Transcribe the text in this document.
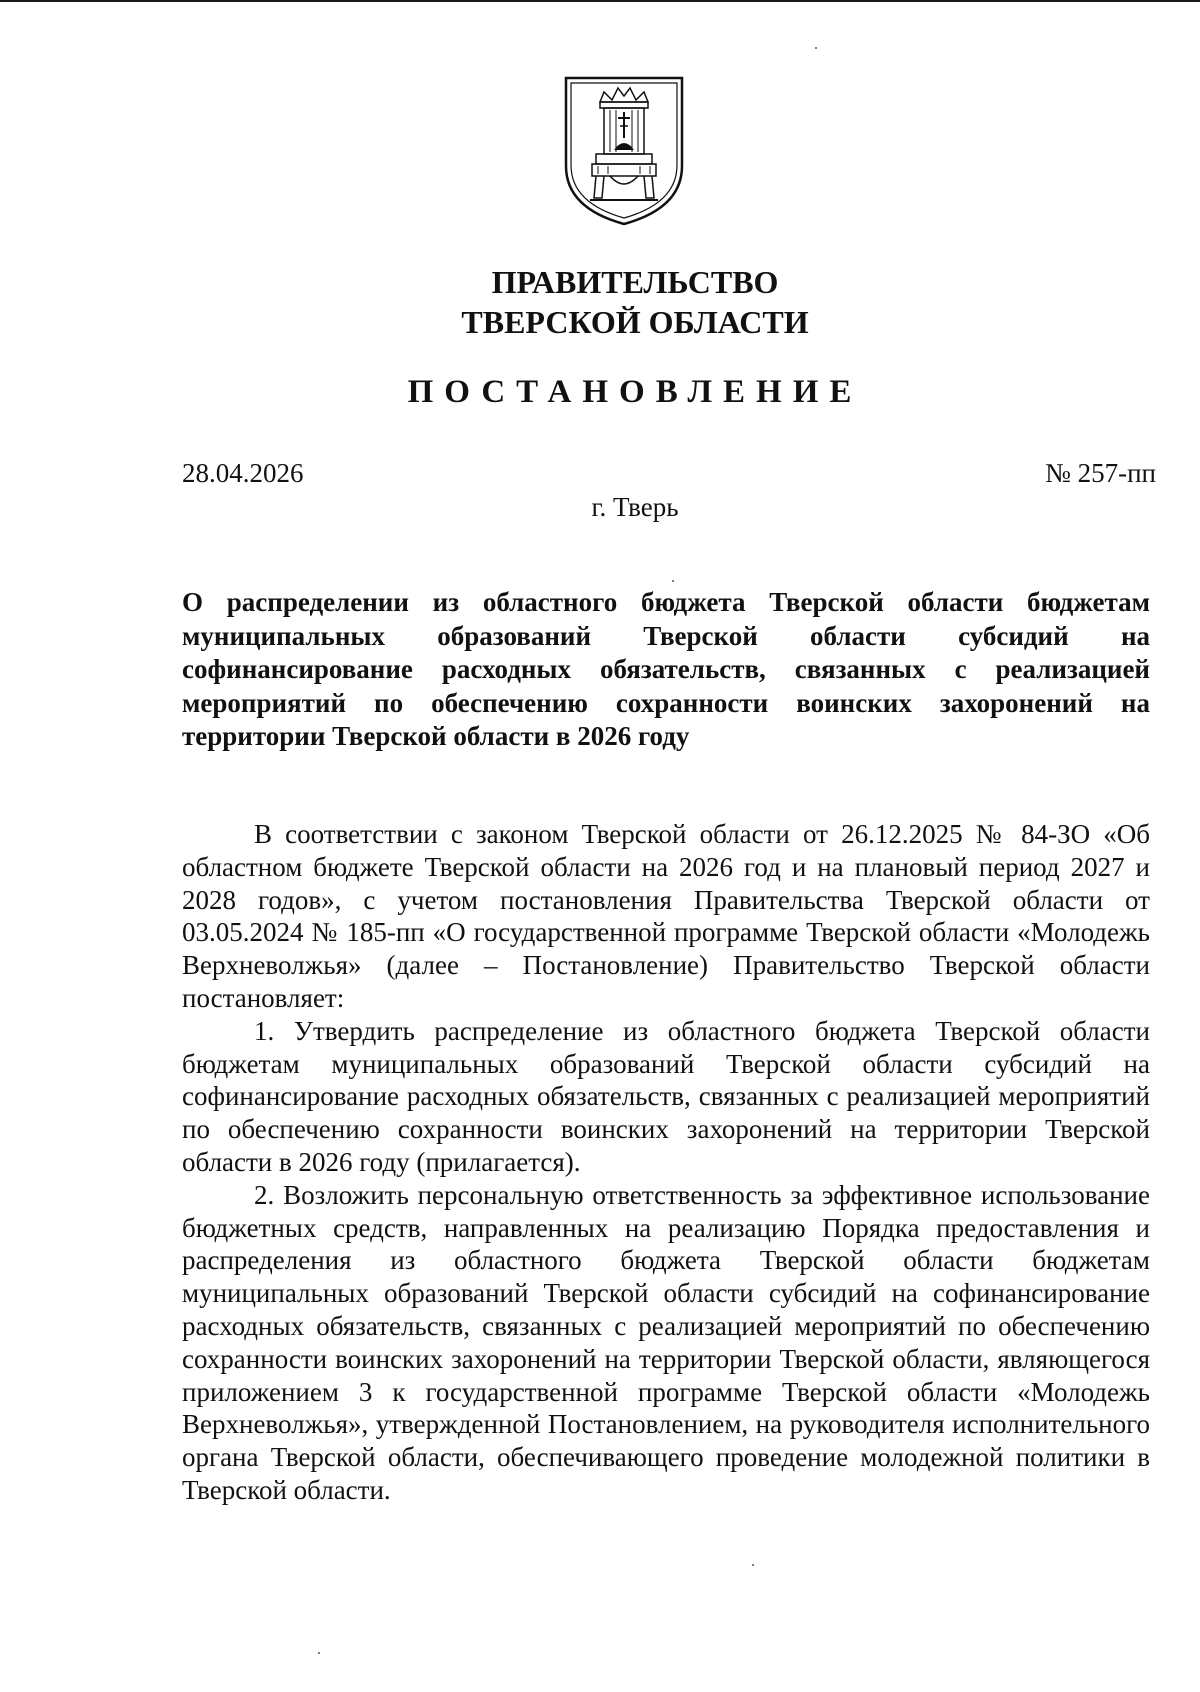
ПРАВИТЕЛЬСТВО
ТВЕРСКОЙ ОБЛАСТИ
ПОСТАНОВЛЕНИЕ
28.04.2026	№ 257-пп
г. Тверь
О распределении из областного бюджета Тверской области бюджетам муниципальных образований Тверской области субсидий на софинансирование расходных обязательств, связанных с реализацией мероприятий по обеспечению сохранности воинских захоронений на территории Тверской области в 2026 году

В соответствии с законом Тверской области от 26.12.2025 № 84-ЗО «Об областном бюджете Тверской области на 2026 год и на плановый период 2027 и 2028 годов», с учетом постановления Правительства Тверской области от 03.05.2024 № 185-пп «О государственной программе Тверской области «Молодежь Верхневолжья» (далее – Постановление) Правительство Тверской области постановляет:

1. Утвердить распределение из областного бюджета Тверской области бюджетам муниципальных образований Тверской области субсидий на софинансирование расходных обязательств, связанных с реализацией мероприятий по обеспечению сохранности воинских захоронений на территории Тверской области в 2026 году (прилагается).

2. Возложить персональную ответственность за эффективное использование бюджетных средств, направленных на реализацию Порядка предоставления и распределения из областного бюджета Тверской области бюджетам муниципальных образований Тверской области субсидий на софинансирование расходных обязательств, связанных с реализацией мероприятий по обеспечению сохранности воинских захоронений на территории Тверской области, являющегося приложением 3 к государственной программе Тверской области «Молодежь Верхневолжья», утвержденной Постановлением, на руководителя исполнительного органа Тверской области, обеспечивающего проведение молодежной политики в Тверской области.
